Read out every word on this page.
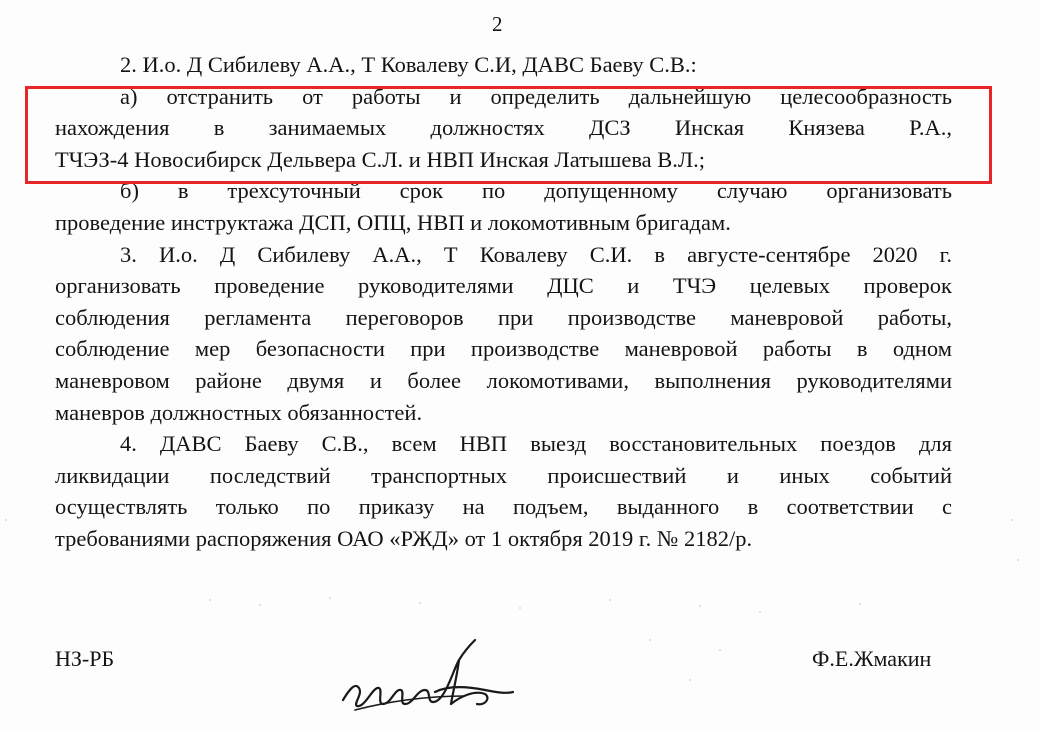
2
2. И.о. Д Сибилеву А.А., Т Ковалеву С.И, ДАВС Баеву С.В.:
а) отстранить от работы и определить дальнейшую целесообразность
нахождения в занимаемых должностях ДСЗ Инская Князева Р.А.,
ТЧЭЗ-4 Новосибирск Дельвера С.Л. и НВП Инская Латышева В.Л.;
б) в трехсуточный срок по допущенному случаю организовать
проведение инструктажа ДСП, ОПЦ, НВП и локомотивным бригадам.
3. И.о. Д Сибилеву А.А., Т Ковалеву С.И. в августе-сентябре 2020 г.
организовать проведение руководителями ДЦС и ТЧЭ целевых проверок
соблюдения регламента переговоров при производстве маневровой работы,
соблюдение мер безопасности при производстве маневровой работы в одном
маневровом районе двумя и более локомотивами, выполнения руководителями
маневров должностных обязанностей.
4. ДАВС Баеву С.В., всем НВП выезд восстановительных поездов для
ликвидации последствий транспортных происшествий и иных событий
осуществлять только по приказу на подъем, выданного в соответствии с
требованиями распоряжения ОАО «РЖД» от 1 октября 2019 г. № 2182/р.
НЗ-РБ	Ф.Е.Жмакин
